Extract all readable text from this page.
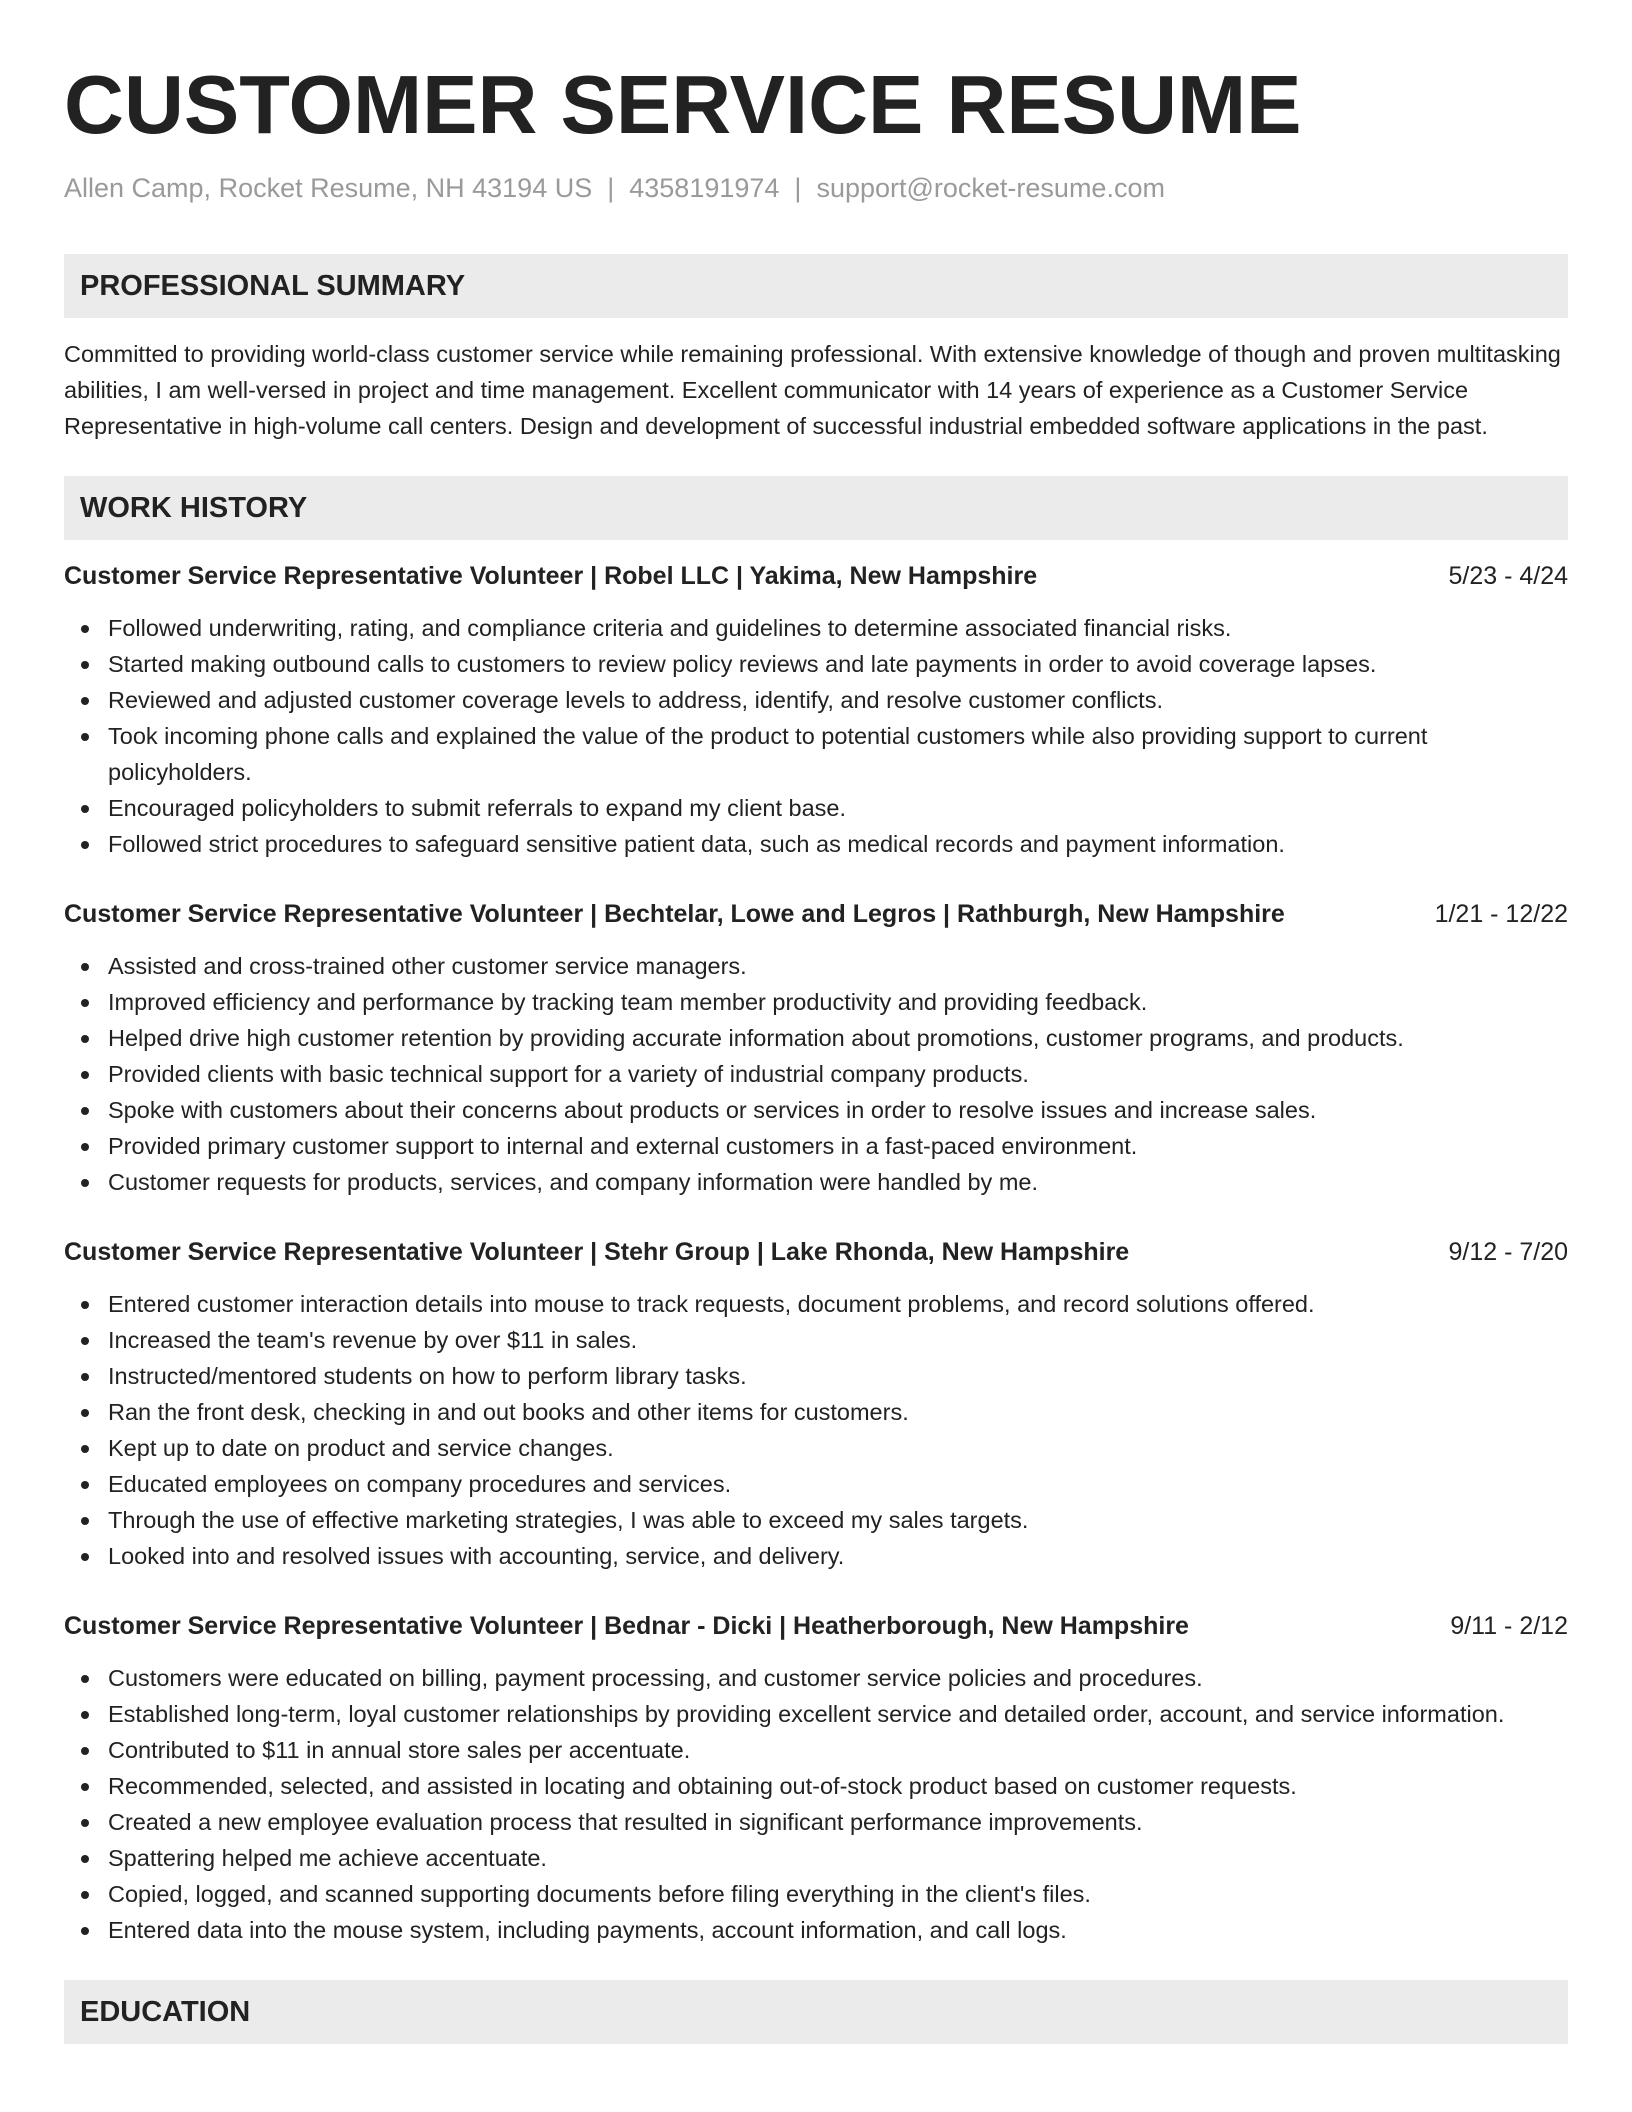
CUSTOMER SERVICE RESUME
Allen Camp, Rocket Resume, NH 43194 US | 4358191974 | support@rocket-resume.com
PROFESSIONAL SUMMARY
Committed to providing world-class customer service while remaining professional. With extensive knowledge of though and proven multitasking abilities, I am well-versed in project and time management. Excellent communicator with 14 years of experience as a Customer Service Representative in high-volume call centers. Design and development of successful industrial embedded software applications in the past.
WORK HISTORY
Customer Service Representative Volunteer | Robel LLC | Yakima, New Hampshire	5/23 - 4/24
Followed underwriting, rating, and compliance criteria and guidelines to determine associated financial risks.
Started making outbound calls to customers to review policy reviews and late payments in order to avoid coverage lapses.
Reviewed and adjusted customer coverage levels to address, identify, and resolve customer conflicts.
Took incoming phone calls and explained the value of the product to potential customers while also providing support to current policyholders.
Encouraged policyholders to submit referrals to expand my client base.
Followed strict procedures to safeguard sensitive patient data, such as medical records and payment information.
Customer Service Representative Volunteer | Bechtelar, Lowe and Legros | Rathburgh, New Hampshire	1/21 - 12/22
Assisted and cross-trained other customer service managers.
Improved efficiency and performance by tracking team member productivity and providing feedback.
Helped drive high customer retention by providing accurate information about promotions, customer programs, and products.
Provided clients with basic technical support for a variety of industrial company products.
Spoke with customers about their concerns about products or services in order to resolve issues and increase sales.
Provided primary customer support to internal and external customers in a fast-paced environment.
Customer requests for products, services, and company information were handled by me.
Customer Service Representative Volunteer | Stehr Group | Lake Rhonda, New Hampshire	9/12 - 7/20
Entered customer interaction details into mouse to track requests, document problems, and record solutions offered.
Increased the team's revenue by over $11 in sales.
Instructed/mentored students on how to perform library tasks.
Ran the front desk, checking in and out books and other items for customers.
Kept up to date on product and service changes.
Educated employees on company procedures and services.
Through the use of effective marketing strategies, I was able to exceed my sales targets.
Looked into and resolved issues with accounting, service, and delivery.
Customer Service Representative Volunteer | Bednar - Dicki | Heatherborough, New Hampshire	9/11 - 2/12
Customers were educated on billing, payment processing, and customer service policies and procedures.
Established long-term, loyal customer relationships by providing excellent service and detailed order, account, and service information.
Contributed to $11 in annual store sales per accentuate.
Recommended, selected, and assisted in locating and obtaining out-of-stock product based on customer requests.
Created a new employee evaluation process that resulted in significant performance improvements.
Spattering helped me achieve accentuate.
Copied, logged, and scanned supporting documents before filing everything in the client's files.
Entered data into the mouse system, including payments, account information, and call logs.
EDUCATION
